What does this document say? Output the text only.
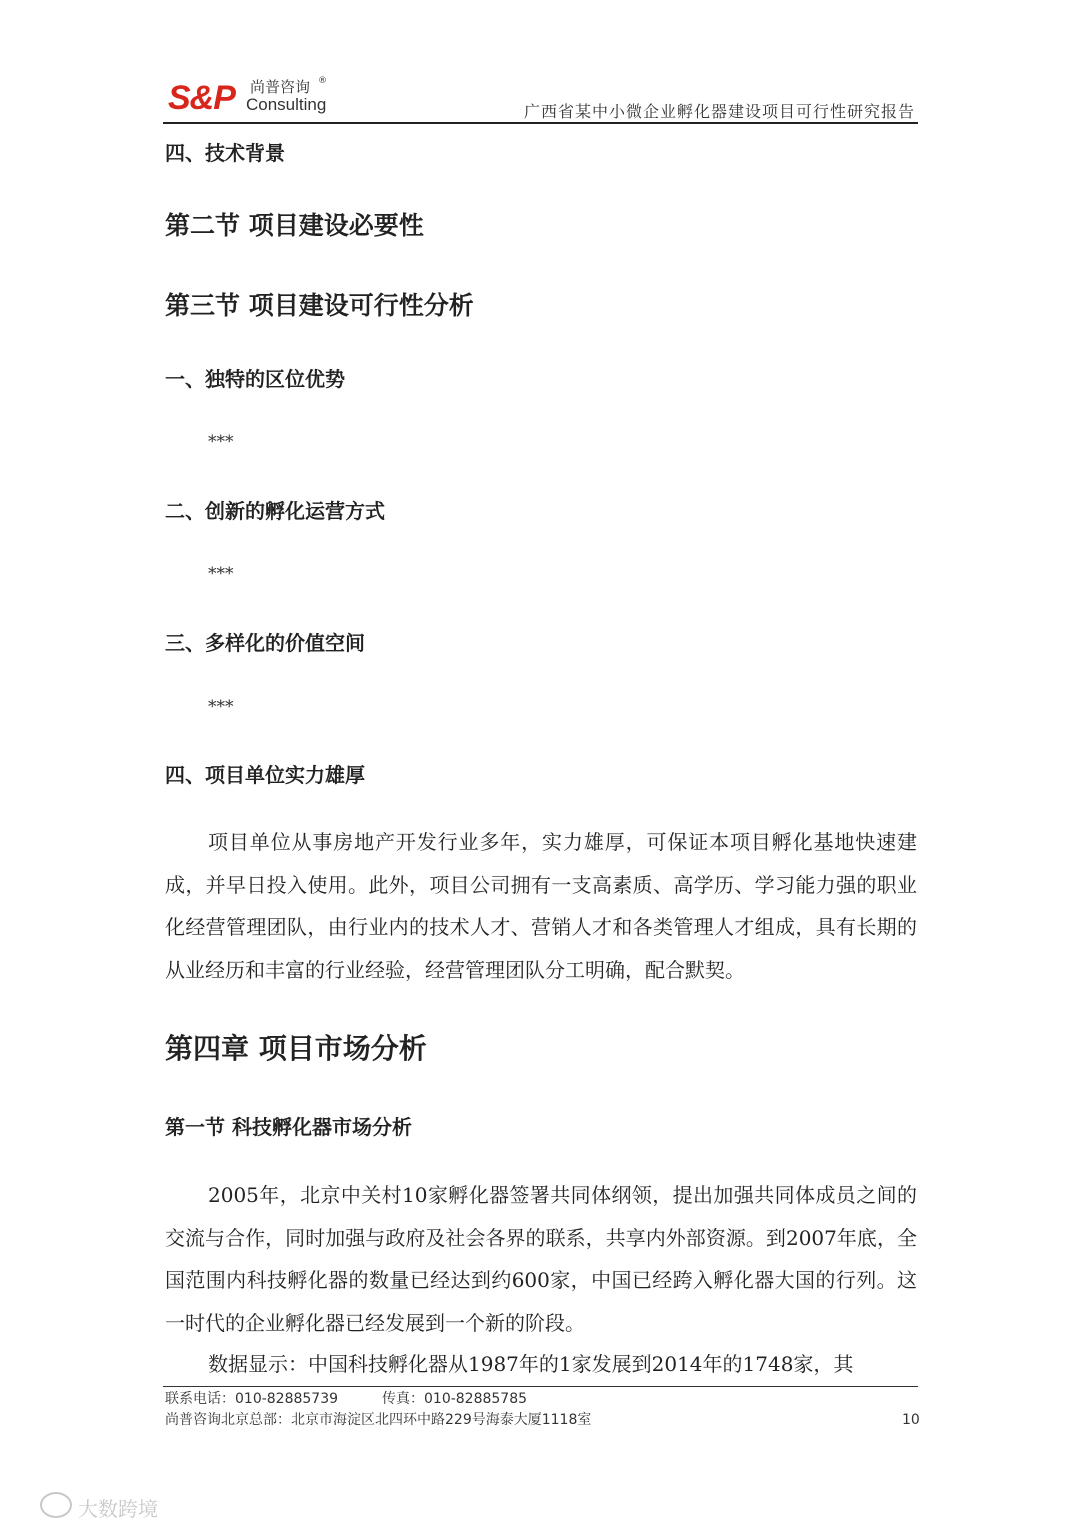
S&P 尚普咨询 ®
Consulting	广西省某中小微企业孵化器建设项目可行性研究报告
四、技术背景
第二节 项目建设必要性
第三节 项目建设可行性分析
一、独特的区位优势
***
二、创新的孵化运营方式
***
三、多样化的价值空间
***
四、项目单位实力雄厚

项目单位从事房地产开发行业多年，实力雄厚，可保证本项目孵化基地快速建成，并早日投入使用。此外，项目公司拥有一支高素质、高学历、学习能力强的职业化经营管理团队，由行业内的技术人才、营销人才和各类管理人才组成，具有长期的从业经历和丰富的行业经验，经营管理团队分工明确，配合默契。

第四章 项目市场分析
第一节 科技孵化器市场分析

2005年，北京中关村10家孵化器签署共同体纲领，提出加强共同体成员之间的交流与合作，同时加强与政府及社会各界的联系，共享内外部资源。到2007年底，全国范围内科技孵化器的数量已经达到约600家，中国已经跨入孵化器大国的行列。这一时代的企业孵化器已经发展到一个新的阶段。

数据显示：中国科技孵化器从1987年的1家发展到2014年的1748家，其

联系电话：010-82885739	传真：010-82885785
尚普咨询北京总部：北京市海淀区北四环中路229号海泰大厦1118室	10
大数跨境
